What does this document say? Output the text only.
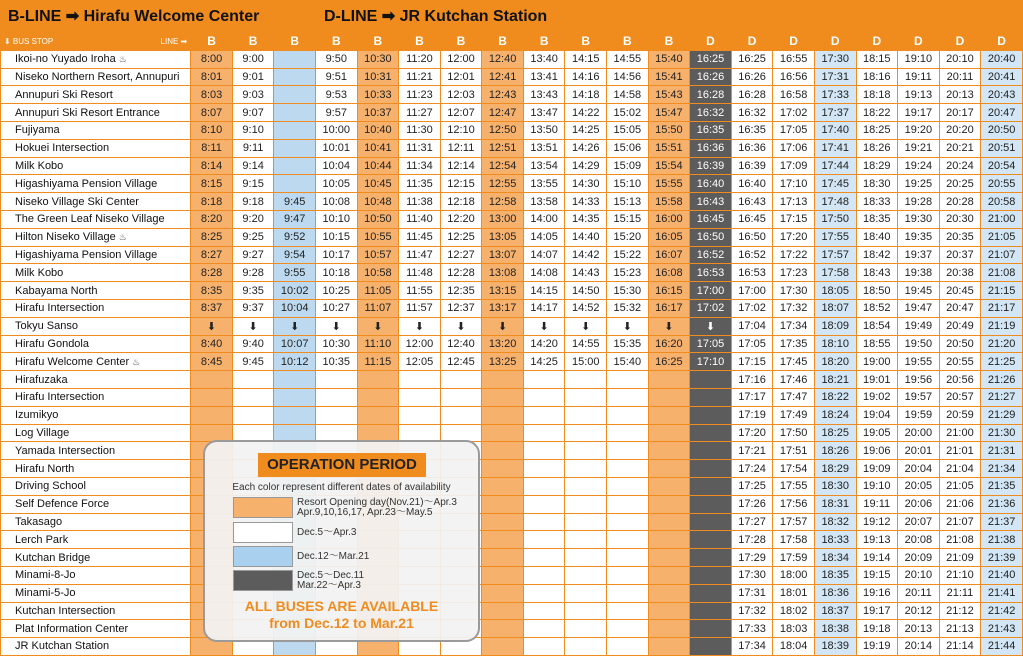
B-LINE ➡ Hirafu Welcome Center	D-LINE ➡ JR Kutchan Station
⬇ BUS STOP LINE ➡	B	B	B	B	B	B	B	B	B	B	B	B	D	D	D	D	D	D	D	D
Ikoi-no Yuyado Iroha ♨	8:00	9:00		9:50	10:30	11:20	12:00	12:40	13:40	14:15	14:55	15:40	16:25	16:25	16:55	17:30	18:15	19:10	20:10	20:40
Niseko Northern Resort, Annupuri	8:01	9:01		9:51	10:31	11:21	12:01	12:41	13:41	14:16	14:56	15:41	16:26	16:26	16:56	17:31	18:16	19:11	20:11	20:41
Annupuri Ski Resort	8:03	9:03		9:53	10:33	11:23	12:03	12:43	13:43	14:18	14:58	15:43	16:28	16:28	16:58	17:33	18:18	19:13	20:13	20:43
Annupuri Ski Resort Entrance	8:07	9:07		9:57	10:37	11:27	12:07	12:47	13:47	14:22	15:02	15:47	16:32	16:32	17:02	17:37	18:22	19:17	20:17	20:47
Fujiyama	8:10	9:10		10:00	10:40	11:30	12:10	12:50	13:50	14:25	15:05	15:50	16:35	16:35	17:05	17:40	18:25	19:20	20:20	20:50
Hokuei Intersection	8:11	9:11		10:01	10:41	11:31	12:11	12:51	13:51	14:26	15:06	15:51	16:36	16:36	17:06	17:41	18:26	19:21	20:21	20:51
Milk Kobo	8:14	9:14		10:04	10:44	11:34	12:14	12:54	13:54	14:29	15:09	15:54	16:39	16:39	17:09	17:44	18:29	19:24	20:24	20:54
Higashiyama Pension Village	8:15	9:15		10:05	10:45	11:35	12:15	12:55	13:55	14:30	15:10	15:55	16:40	16:40	17:10	17:45	18:30	19:25	20:25	20:55
Niseko Village Ski Center	8:18	9:18	9:45	10:08	10:48	11:38	12:18	12:58	13:58	14:33	15:13	15:58	16:43	16:43	17:13	17:48	18:33	19:28	20:28	20:58
The Green Leaf Niseko Village	8:20	9:20	9:47	10:10	10:50	11:40	12:20	13:00	14:00	14:35	15:15	16:00	16:45	16:45	17:15	17:50	18:35	19:30	20:30	21:00
Hilton Niseko Village ♨	8:25	9:25	9:52	10:15	10:55	11:45	12:25	13:05	14:05	14:40	15:20	16:05	16:50	16:50	17:20	17:55	18:40	19:35	20:35	21:05
Higashiyama Pension Village	8:27	9:27	9:54	10:17	10:57	11:47	12:27	13:07	14:07	14:42	15:22	16:07	16:52	16:52	17:22	17:57	18:42	19:37	20:37	21:07
Milk Kobo	8:28	9:28	9:55	10:18	10:58	11:48	12:28	13:08	14:08	14:43	15:23	16:08	16:53	16:53	17:23	17:58	18:43	19:38	20:38	21:08
Kabayama North	8:35	9:35	10:02	10:25	11:05	11:55	12:35	13:15	14:15	14:50	15:30	16:15	17:00	17:00	17:30	18:05	18:50	19:45	20:45	21:15
Hirafu Intersection	8:37	9:37	10:04	10:27	11:07	11:57	12:37	13:17	14:17	14:52	15:32	16:17	17:02	17:02	17:32	18:07	18:52	19:47	20:47	21:17
Tokyu Sanso	⬇	⬇	⬇	⬇	⬇	⬇	⬇	⬇	⬇	⬇	⬇	⬇	⬇	17:04	17:34	18:09	18:54	19:49	20:49	21:19
Hirafu Gondola	8:40	9:40	10:07	10:30	11:10	12:00	12:40	13:20	14:20	14:55	15:35	16:20	17:05	17:05	17:35	18:10	18:55	19:50	20:50	21:20
Hirafu Welcome Center ♨	8:45	9:45	10:12	10:35	11:15	12:05	12:45	13:25	14:25	15:00	15:40	16:25	17:10	17:15	17:45	18:20	19:00	19:55	20:55	21:25
Hirafuzaka														17:16	17:46	18:21	19:01	19:56	20:56	21:26
Hirafu Intersection														17:17	17:47	18:22	19:02	19:57	20:57	21:27
Izumikyo														17:19	17:49	18:24	19:04	19:59	20:59	21:29
Log Village														17:20	17:50	18:25	19:05	20:00	21:00	21:30
Yamada Intersection														17:21	17:51	18:26	19:06	20:01	21:01	21:31
Hirafu North														17:24	17:54	18:29	19:09	20:04	21:04	21:34
Driving School														17:25	17:55	18:30	19:10	20:05	21:05	21:35
Self Defence Force														17:26	17:56	18:31	19:11	20:06	21:06	21:36
Takasago														17:27	17:57	18:32	19:12	20:07	21:07	21:37
Lerch Park														17:28	17:58	18:33	19:13	20:08	21:08	21:38
Kutchan Bridge														17:29	17:59	18:34	19:14	20:09	21:09	21:39
Minami-8-Jo														17:30	18:00	18:35	19:15	20:10	21:10	21:40
Minami-5-Jo														17:31	18:01	18:36	19:16	20:11	21:11	21:41
Kutchan Intersection														17:32	18:02	18:37	19:17	20:12	21:12	21:42
Plat Information Center														17:33	18:03	18:38	19:18	20:13	21:13	21:43
JR Kutchan Station														17:34	18:04	18:39	19:19	20:14	21:14	21:44
OPERATION PERIOD
Each color represent different dates of availability
Resort Opening day(Nov.21)～Apr.3
Apr.9,10,16,17, Apr.23～May.5
Dec.5～Apr.3
Dec.12～Mar.21
Dec.5～Dec.11
Mar.22～Apr.3
ALL BUSES ARE AVAILABLE
from Dec.12 to Mar.21
